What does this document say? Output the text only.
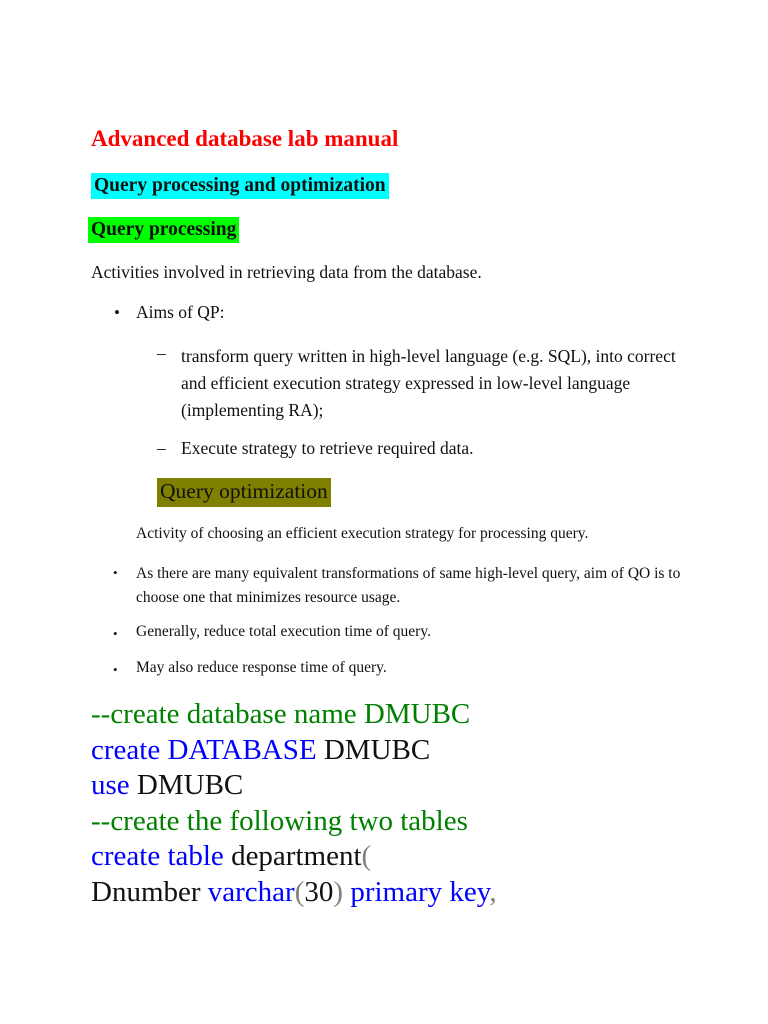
Advanced database lab manual
Query processing and optimization
Query processing
Activities involved in retrieving data from the database.
• Aims of QP:
– transform query written in high-level language (e.g. SQL), into correct and efficient execution strategy expressed in low-level language (implementing RA);
– Execute strategy to retrieve required data.
Query optimization
Activity of choosing an efficient execution strategy for processing query.
• As there are many equivalent transformations of same high-level query, aim of QO is to choose one that minimizes resource usage.
• Generally, reduce total execution time of query.
• May also reduce response time of query.
--create database name DMUBC
create DATABASE DMUBC
use DMUBC
--create the following two tables
create table department(
Dnumber varchar(30) primary key,
